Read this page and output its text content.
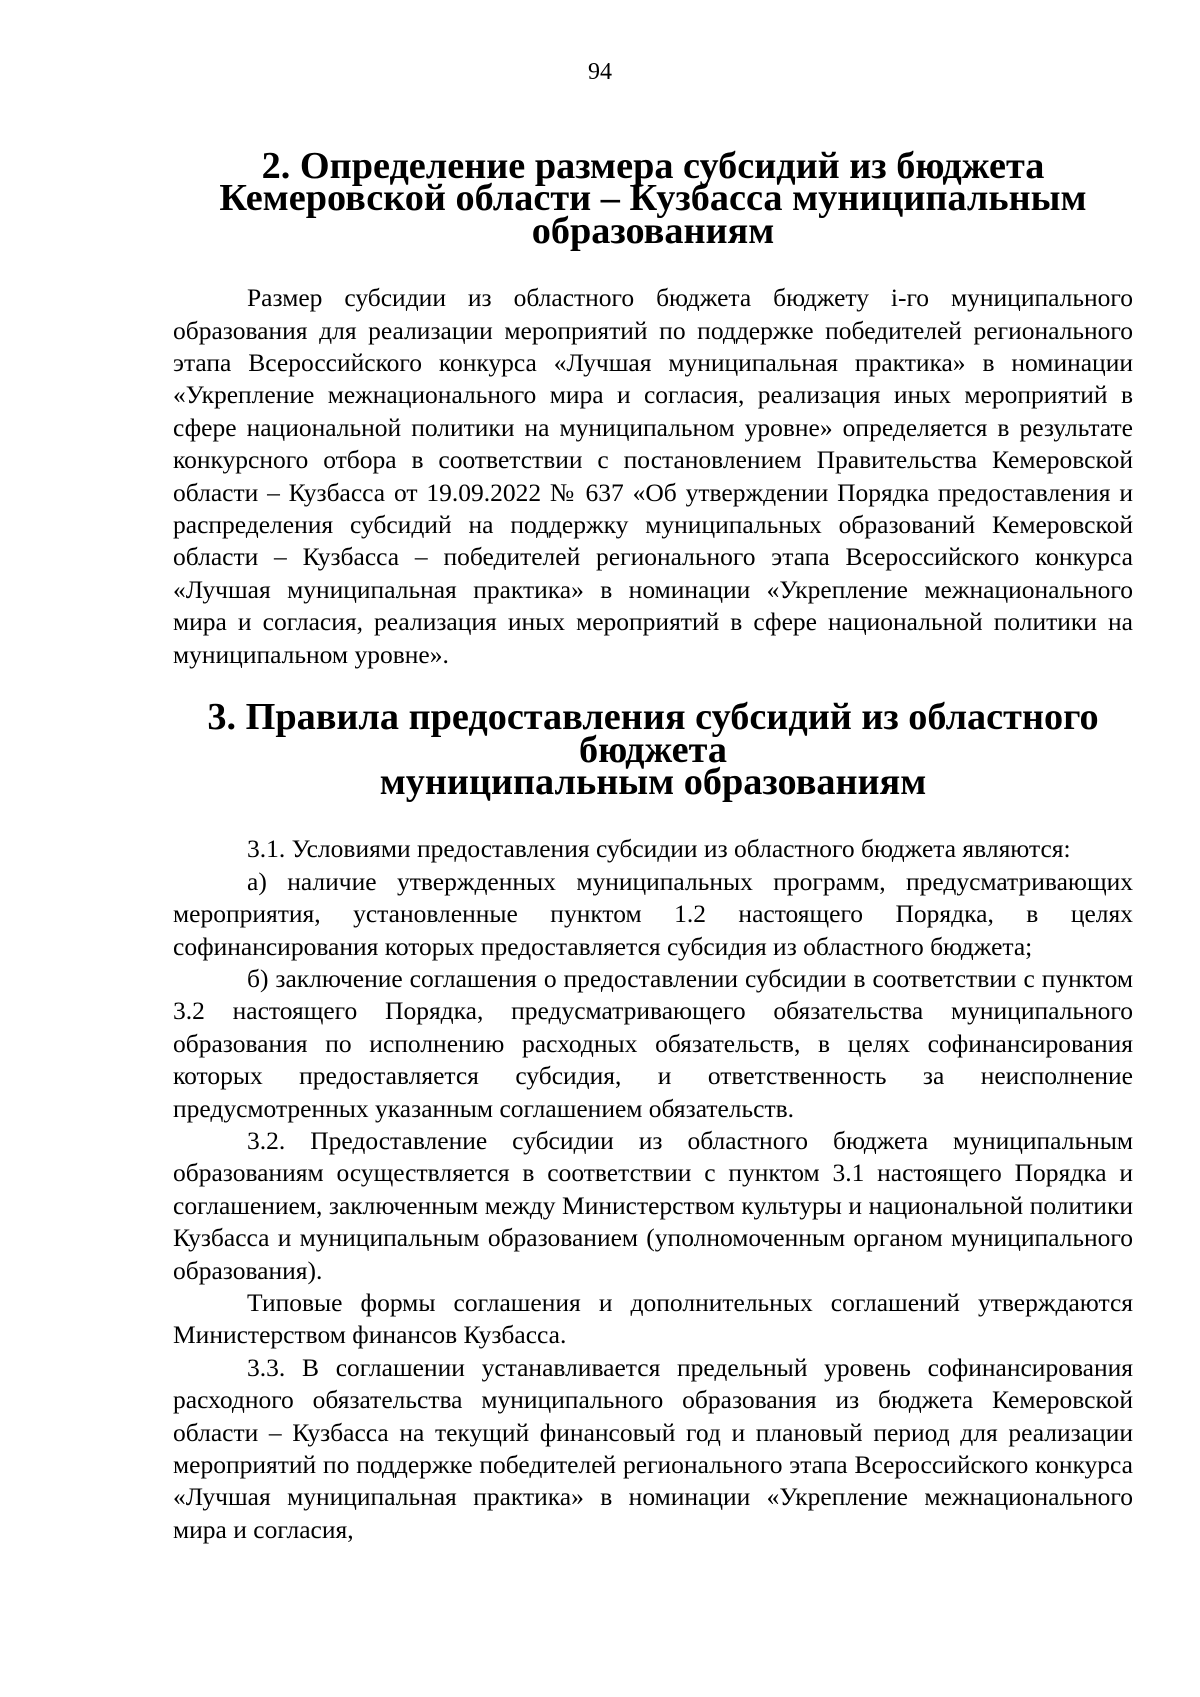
94
2. Определение размера субсидий из бюджета
Кемеровской области – Кузбасса муниципальным образованиям

Размер субсидии из областного бюджета бюджету i-го муниципального образования для реализации мероприятий по поддержке победителей регионального этапа Всероссийского конкурса «Лучшая муниципальная практика» в номинации «Укрепление межнационального мира и согласия, реализация иных мероприятий в сфере национальной политики на муниципальном уровне» определяется в результате конкурсного отбора в соответствии с постановлением Правительства Кемеровской области – Кузбасса от 19.09.2022 № 637 «Об утверждении Порядка предоставления и распределения субсидий на поддержку муниципальных образований Кемеровской области – Кузбасса – победителей регионального этапа Всероссийского конкурса «Лучшая муниципальная практика» в номинации «Укрепление межнационального мира и согласия, реализация иных мероприятий в сфере национальной политики на муниципальном уровне».

3. Правила предоставления субсидий из областного бюджета
муниципальным образованиям

3.1. Условиями предоставления субсидии из областного бюджета являются:

а) наличие утвержденных муниципальных программ, предусматривающих мероприятия, установленные пунктом 1.2 настоящего Порядка, в целях софинансирования которых предоставляется субсидия из областного бюджета;

б) заключение соглашения о предоставлении субсидии в соответствии с пунктом 3.2 настоящего Порядка, предусматривающего обязательства муниципального образования по исполнению расходных обязательств, в целях софинансирования которых предоставляется субсидия, и ответственность за неисполнение предусмотренных указанным соглашением обязательств.

3.2. Предоставление субсидии из областного бюджета муниципальным образованиям осуществляется в соответствии с пунктом 3.1 настоящего Порядка и соглашением, заключенным между Министерством культуры и национальной политики Кузбасса и муниципальным образованием (уполномоченным органом муниципального образования).

Типовые формы соглашения и дополнительных соглашений утверждаются Министерством финансов Кузбасса.

3.3. В соглашении устанавливается предельный уровень софинансирования расходного обязательства муниципального образования из бюджета Кемеровской области – Кузбасса на текущий финансовый год и плановый период для реализации мероприятий по поддержке победителей регионального этапа Всероссийского конкурса «Лучшая муниципальная практика» в номинации «Укрепление межнационального мира и согласия,
